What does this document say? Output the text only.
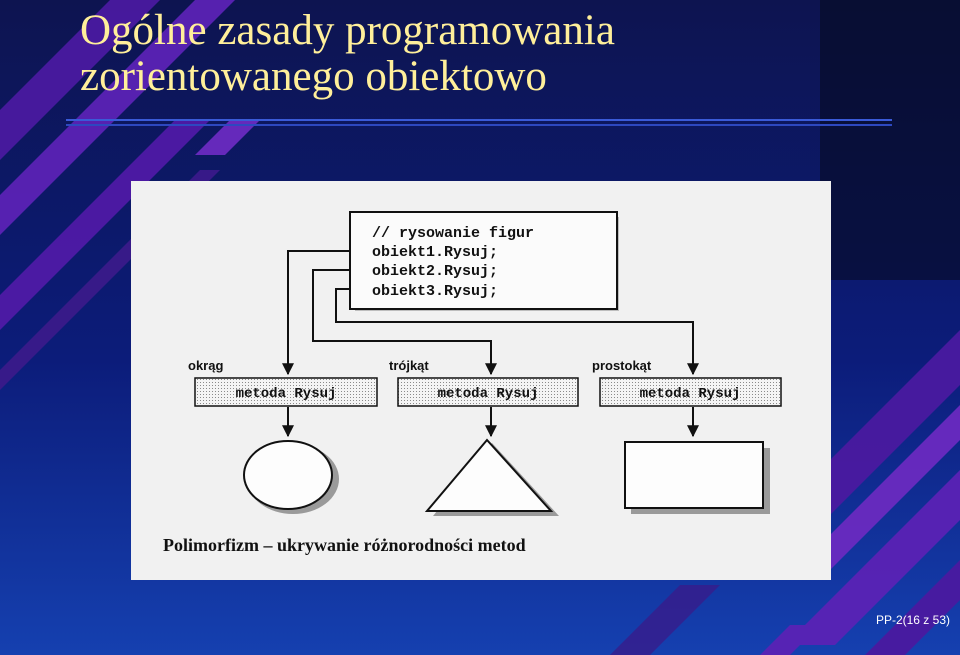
Ogólne zasady programowania
zorientowanego obiektowo
// rysowanie figur
obiekt1.Rysuj;
obiekt2.Rysuj;
obiekt3.Rysuj;
okrąg	trójkąt	prostokąt
metoda Rysuj	metoda Rysuj	metoda Rysuj
Polimorfizm – ukrywanie różnorodności metod
PP-2(16 z 53)
